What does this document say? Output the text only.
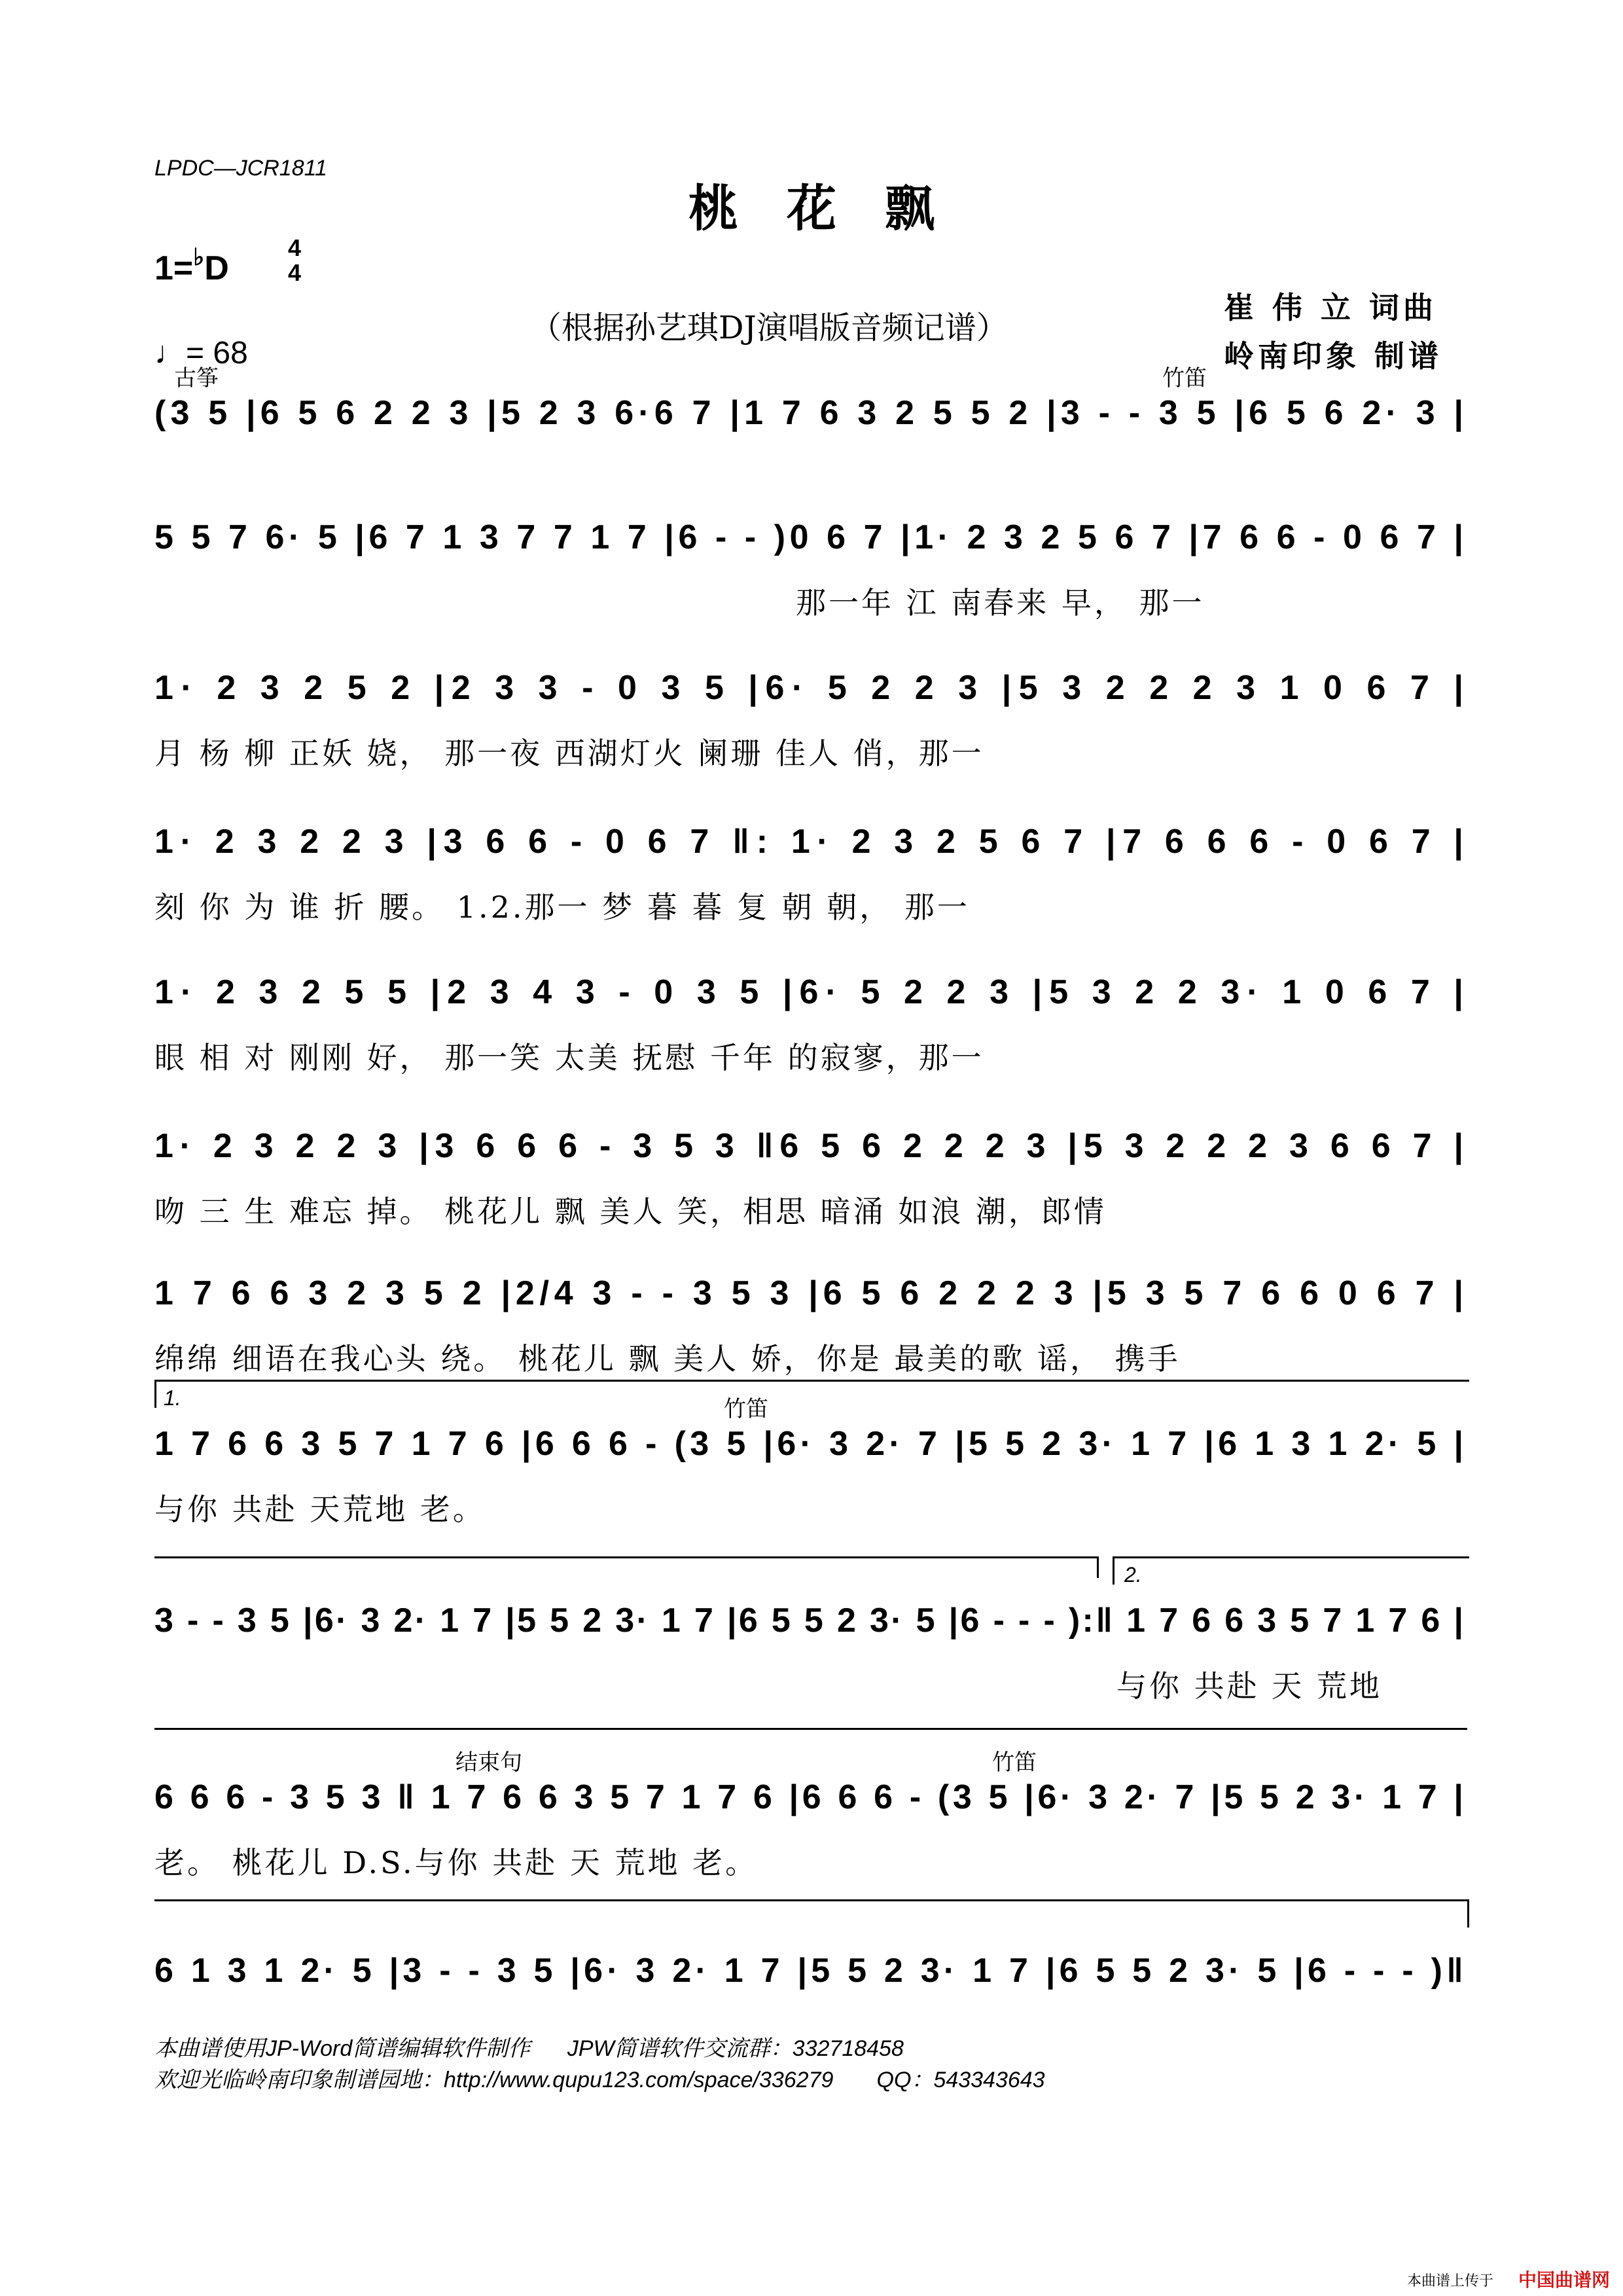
LPDC—JCR1811
桃花飘
1=♭D
4
4
♩= 68
（根据孙艺琪DJ演唱版音频记谱）
崔 伟 立 词曲
岭南印象 制谱
古筝	竹笛
(3 5 |6 5 6 2 2 3 |5 2 3 6·6 7 |1 7 6 3 2 5 5 2 |3 - - 3 5 |6 5 6 2· 3 |
5 5 7 6· 5 |6 7 1 3 7 7 1 7 |6 - - )0 6 7 |1· 2 3 2 5 6 7 |7 6 6 - 0 6 7 |
那一年 江 南春来 早， 那一
1· 2 3 2 5 2 |2 3 3 - 0 3 5 |6· 5 2 2 3 |5 3 2 2 2 3 1 0 6 7 |
月 杨 柳 正妖 娆， 那一夜 西湖灯火 阑珊 佳人 俏，那一
1· 2 3 2 2 3 |3 6 6 - 0 6 7 ‖: 1· 2 3 2 5 6 7 |7 6 6 6 - 0 6 7 |
刻 你 为 谁 折 腰。 1.2.那一 梦 暮 暮 复 朝 朝， 那一
1· 2 3 2 5 5 |2 3 4 3 - 0 3 5 |6· 5 2 2 3 |5 3 2 2 3· 1 0 6 7 |
眼 相 对 刚刚 好， 那一笑 太美 抚慰 千年 的寂寥，那一
1· 2 3 2 2 3 |3 6 6 6 - 3 5 3 ‖6 5 6 2 2 2 3 |5 3 2 2 2 3 6 6 7 |
吻 三 生 难忘 掉。 桃花儿 飘 美人 笑，相思 暗涌 如浪 潮，郎情
1 7 6 6 3 2 3 5 2 |2/4 3 - - 3 5 3 |6 5 6 2 2 2 3 |5 3 5 7 6 6 0 6 7 |
绵绵 细语在我心头 绕。 桃花儿 飘 美人 娇，你是 最美的歌 谣， 携手
竹笛
1 7 6 6 3 5 7 1 7 6 |6 6 6 - (3 5 |6· 3 2· 7 |5 5 2 3· 1 7 |6 1 3 1 2· 5 |
与你 共赴 天荒地 老。
3 - - 3 5 |6· 3 2· 1 7 |5 5 2 3· 1 7 |6 5 5 2 3· 5 |6 - - - ):‖ 1 7 6 6 3 5 7 1 7 6 |
与你 共赴 天 荒地
结束句	竹笛
6 6 6 - 3 5 3 ‖ 1 7 6 6 3 5 7 1 7 6 |6 6 6 - (3 5 |6· 3 2· 7 |5 5 2 3· 1 7 |
老。 桃花儿 D.S.与你 共赴 天 荒地 老。
6 1 3 1 2· 5 |3 - - 3 5 |6· 3 2· 1 7 |5 5 2 3· 1 7 |6 5 5 2 3· 5 |6 - - - )‖
1.
2.
本曲谱使用JP-Word简谱编辑软件制作      JPW简谱软件交流群：332718458
欢迎光临岭南印象制谱园地：http://www.qupu123.com/space/336279       QQ：543343643
本曲谱上传于 中国曲谱网
